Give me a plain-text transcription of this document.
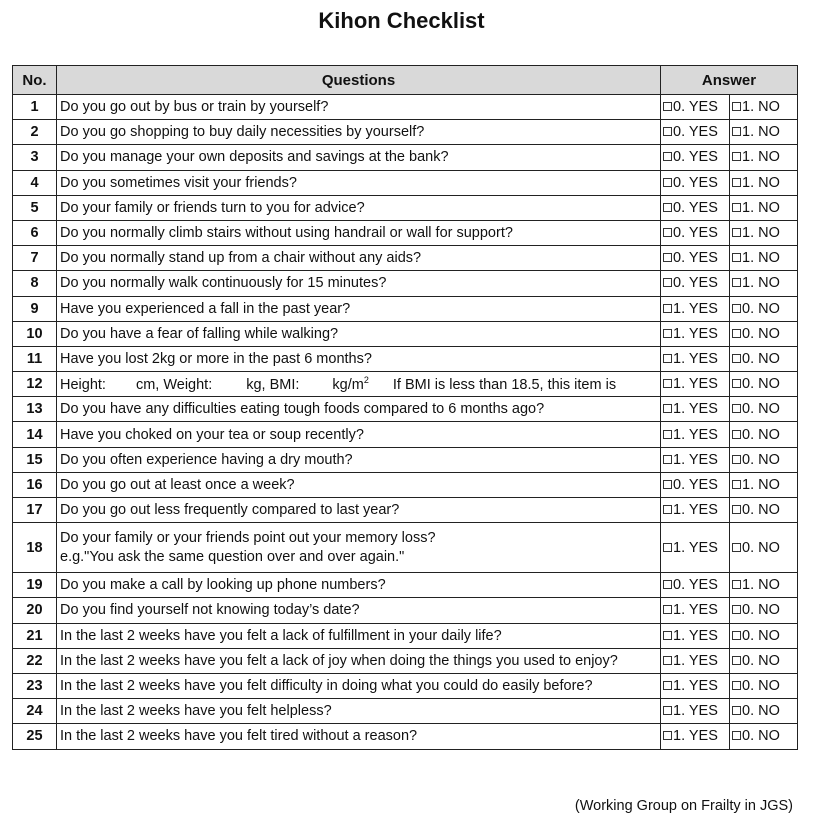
Kihon Checklist
No.	Questions	Answer	
1	Do you go out by bus or train by yourself?	0. YES	1. NO
2	Do you go shopping to buy daily necessities by yourself?	0. YES	1. NO
3	Do you manage your own deposits and savings at the bank?	0. YES	1. NO
4	Do you sometimes visit your friends?	0. YES	1. NO
5	Do your family or friends turn to you for advice?	0. YES	1. NO
6	Do you normally climb stairs without using handrail or wall for support?	0. YES	1. NO
7	Do you normally stand up from a chair without any aids?	0. YES	1. NO
8	Do you normally walk continuously for 15 minutes?	0. YES	1. NO
9	Have you experienced a fall in the past year?	1. YES	0. NO
10	Do you have a fear of falling while walking?	1. YES	0. NO
11	Have you lost 2kg or more in the past 6 months?	1. YES	0. NO
12	Height: cm, Weight: kg, BMI: $kg/m^2$ If BMI is less than 18.5, this item is	1. YES	0. NO
13	Do you have any difficulties eating tough foods compared to 6 months ago?	1. YES	0. NO
14	Have you choked on your tea or soup recently?	1. YES	0. NO
15	Do you often experience having a dry mouth?	1. YES	0. NO
16	Do you go out at least once a week?	0. YES	1. NO
17	Do you go out less frequently compared to last year?	1. YES	0. NO
18	Do your family or your friends point out your memory loss?
e.g."You ask the same question over and over again."	1. YES	0. NO
19	Do you make a call by looking up phone numbers?	0. YES	1. NO
20	Do you find yourself not knowing today’s date?	1. YES	0. NO
21	In the last 2 weeks have you felt a lack of fulfillment in your daily life?	1. YES	0. NO
22	In the last 2 weeks have you felt a lack of joy when doing the things you used to enjoy?	1. YES	0. NO
23	In the last 2 weeks have you felt difficulty in doing what you could do easily before?	1. YES	0. NO
24	In the last 2 weeks have you felt helpless?	1. YES	0. NO
25	In the last 2 weeks have you felt tired without a reason?	1. YES	0. NO
(Working Group on Frailty in JGS)
